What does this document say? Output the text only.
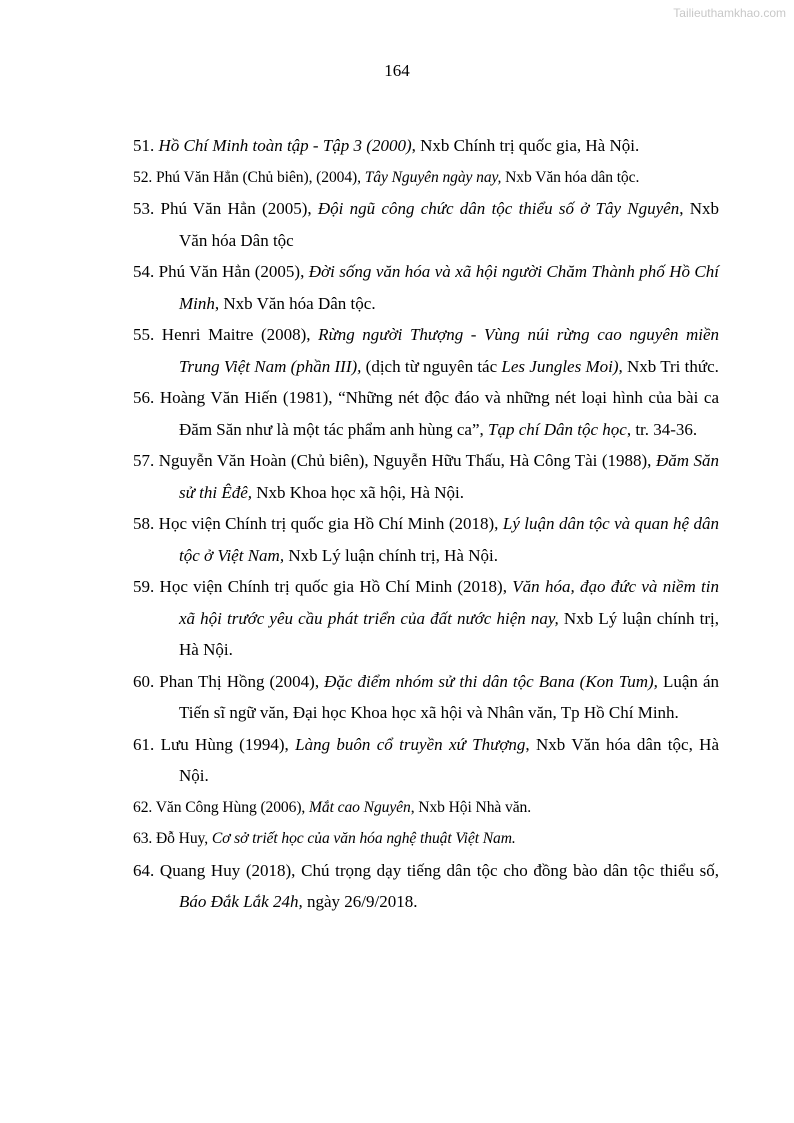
Tailieuthamkhao.com
164
51. Hồ Chí Minh toàn tập - Tập 3 (2000), Nxb Chính trị quốc gia, Hà Nội.
52. Phú Văn Hẳn (Chủ biên), (2004), Tây Nguyên ngày nay, Nxb Văn hóa dân tộc.
53. Phú Văn Hẳn (2005), Đội ngũ công chức dân tộc thiểu số ở Tây Nguyên, Nxb Văn hóa Dân tộc
54. Phú Văn Hẳn (2005), Đời sống văn hóa và xã hội người Chăm Thành phố Hồ Chí Minh, Nxb Văn hóa Dân tộc.
55. Henri Maitre (2008), Rừng người Thượng - Vùng núi rừng cao nguyên miền Trung Việt Nam (phần III), (dịch từ nguyên tác Les Jungles Moi), Nxb Tri thức.
56. Hoàng Văn Hiến (1981), “Những nét độc đáo và những nét loại hình của bài ca Đăm Săn như là một tác phẩm anh hùng ca”, Tạp chí Dân tộc học, tr. 34-36.
57. Nguyễn Văn Hoàn (Chủ biên), Nguyễn Hữu Thấu, Hà Công Tài (1988), Đăm Săn sử thi Êđê, Nxb Khoa học xã hội, Hà Nội.
58. Học viện Chính trị quốc gia Hồ Chí Minh (2018), Lý luận dân tộc và quan hệ dân tộc ở Việt Nam, Nxb Lý luận chính trị, Hà Nội.
59. Học viện Chính trị quốc gia Hồ Chí Minh (2018), Văn hóa, đạo đức và niềm tin xã hội trước yêu cầu phát triển của đất nước hiện nay, Nxb Lý luận chính trị, Hà Nội.
60. Phan Thị Hồng (2004), Đặc điểm nhóm sử thi dân tộc Bana (Kon Tum), Luận án Tiến sĩ ngữ văn, Đại học Khoa học xã hội và Nhân văn, Tp Hồ Chí Minh.
61. Lưu Hùng (1994), Làng buôn cổ truyền xứ Thượng, Nxb Văn hóa dân tộc, Hà Nội.
62. Văn Công Hùng (2006), Mắt cao Nguyên, Nxb Hội Nhà văn.
63. Đỗ Huy, Cơ sở triết học của văn hóa nghệ thuật Việt Nam.
64. Quang Huy (2018), Chú trọng dạy tiếng dân tộc cho đồng bào dân tộc thiểu số, Báo Đắk Lắk 24h, ngày 26/9/2018.
